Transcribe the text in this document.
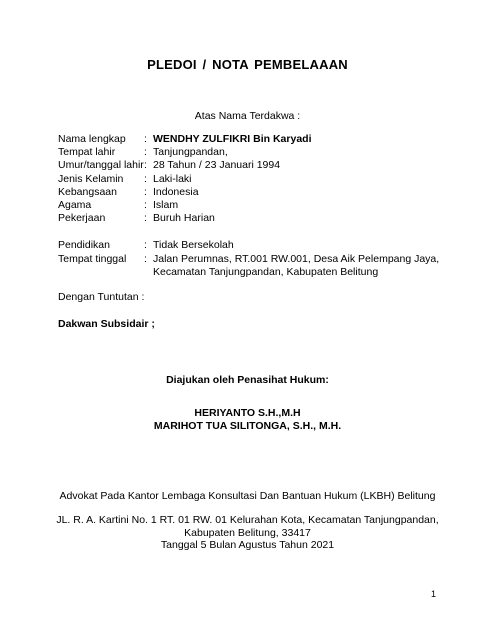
PLEDOI / NOTA PEMBELAAAN
Atas Nama Terdakwa :
Nama lengkap	: WENDHY ZULFIKRI Bin Karyadi
Tempat lahir	: Tanjungpandan,
Umur/tanggal lahir : 28 Tahun / 23 Januari 1994
Jenis Kelamin	: Laki-laki
Kebangsaan	: Indonesia
Agama	: Islam
Pekerjaan	: Buruh Harian
Pendidikan	: Tidak Bersekolah
Tempat tinggal	: Jalan Perumnas, RT.001 RW.001, Desa Aik Pelempang Jaya,
Kecamatan Tanjungpandan, Kabupaten Belitung
Dengan Tuntutan :
Dakwan Subsidair ;
Diajukan oleh Penasihat Hukum:
HERIYANTO S.H.,M.H
MARIHOT TUA SILITONGA, S.H., M.H.
Advokat Pada Kantor Lembaga Konsultasi Dan Bantuan Hukum (LKBH) Belitung
JL. R. A. Kartini No. 1 RT. 01 RW. 01 Kelurahan Kota, Kecamatan Tanjungpandan,
Kabupaten Belitung, 33417
Tanggal 5 Bulan Agustus Tahun 2021
1
